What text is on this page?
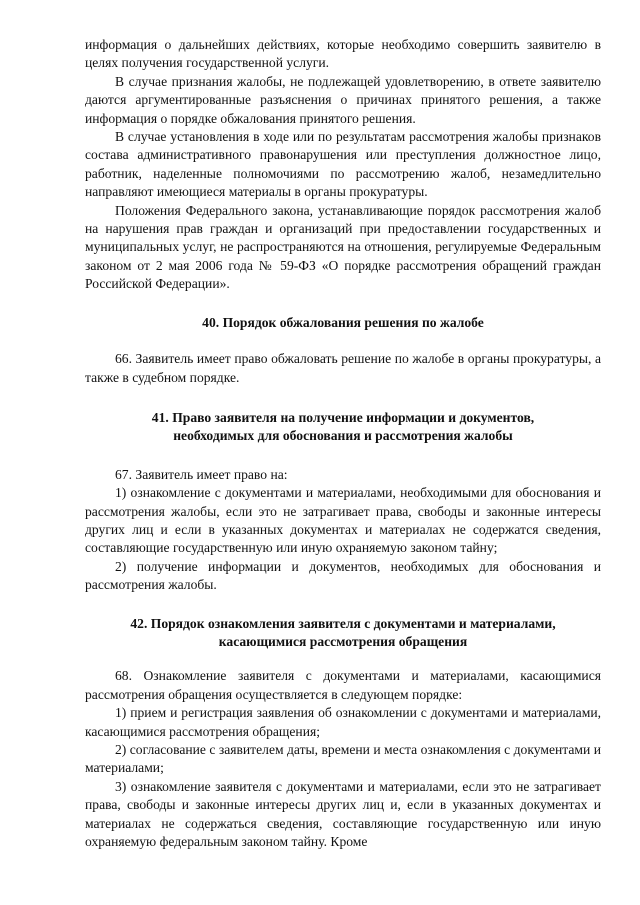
информация о дальнейших действиях, которые необходимо совершить заявителю в целях получения государственной услуги.

В случае признания жалобы, не подлежащей удовлетворению, в ответе заявителю даются аргументированные разъяснения о причинах принятого решения, а также информация о порядке обжалования принятого решения.

В случае установления в ходе или по результатам рассмотрения жалобы признаков состава административного правонарушения или преступления должностное лицо, работник, наделенные полномочиями по рассмотрению жалоб, незамедлительно направляют имеющиеся материалы в органы прокуратуры.

Положения Федерального закона, устанавливающие порядок рассмотрения жалоб на нарушения прав граждан и организаций при предоставлении государственных и муниципальных услуг, не распространяются на отношения, регулируемые Федеральным законом от 2 мая 2006 года № 59-ФЗ «О порядке рассмотрения обращений граждан Российской Федерации».

40. Порядок обжалования решения по жалобе

66. Заявитель имеет право обжаловать решение по жалобе в органы прокуратуры, а также в судебном порядке.

41. Право заявителя на получение информации и документов,

необходимых для обоснования и рассмотрения жалобы

67. Заявитель имеет право на:

1) ознакомление с документами и материалами, необходимыми для обоснования и рассмотрения жалобы, если это не затрагивает права, свободы и законные интересы других лиц и если в указанных документах и материалах не содержатся сведения, составляющие государственную или иную охраняемую законом тайну;

2) получение информации и документов, необходимых для обоснования и рассмотрения жалобы.

42. Порядок ознакомления заявителя с документами и материалами,

касающимися рассмотрения обращения

68. Ознакомление заявителя с документами и материалами, касающимися рассмотрения обращения осуществляется в следующем порядке:

1) прием и регистрация заявления об ознакомлении с документами и материалами, касающимися рассмотрения обращения;

2) согласование с заявителем даты, времени и места ознакомления с документами и материалами;

3) ознакомление заявителя с документами и материалами, если это не затрагивает права, свободы и законные интересы других лиц и, если в указанных документах и материалах не содержаться сведения, составляющие государственную или иную охраняемую федеральным законом тайну. Кроме
